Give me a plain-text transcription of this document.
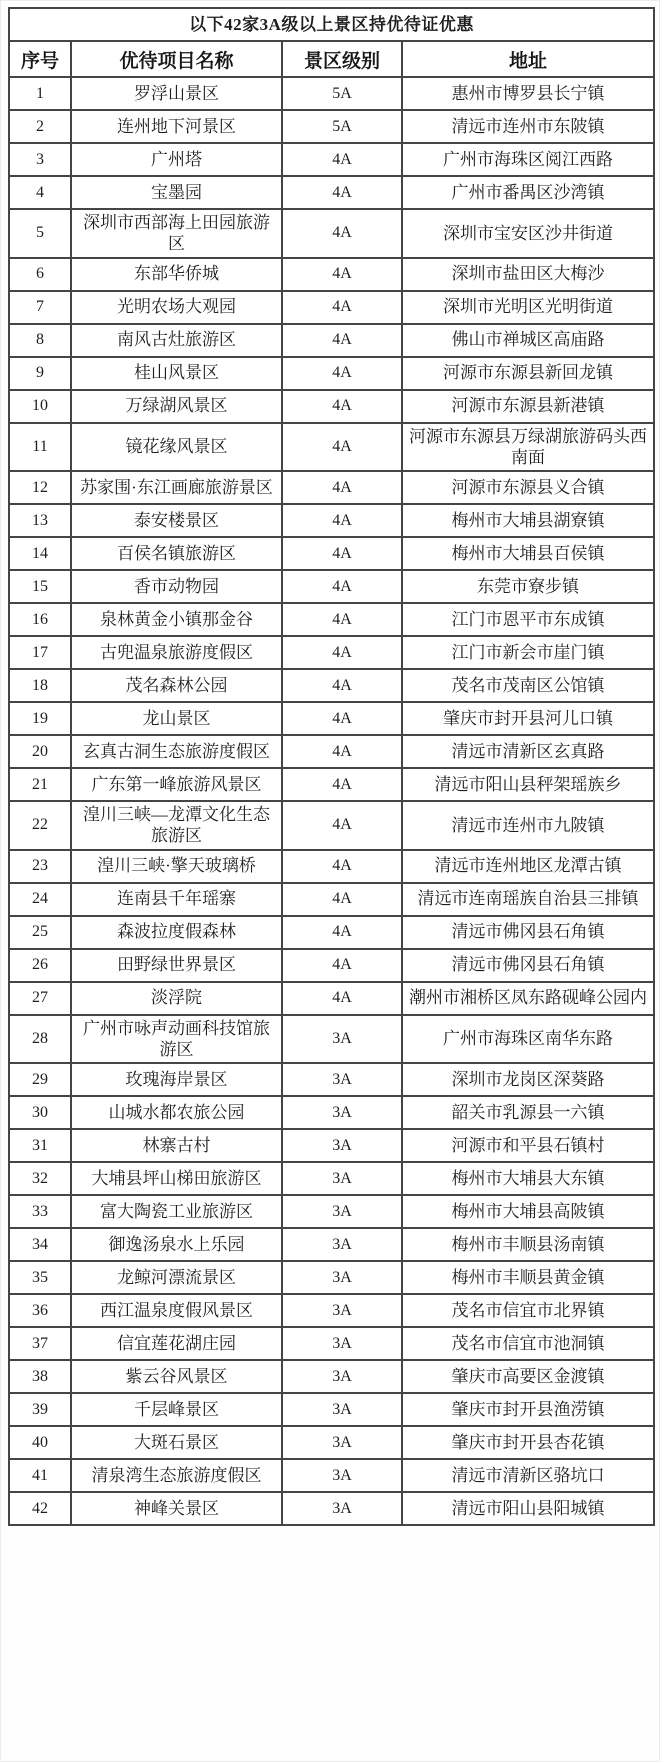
以下42家3A级以上景区持优待证优惠			
序号	优待项目名称	景区级别	地址
1	罗浮山景区	5A	惠州市博罗县长宁镇
2	连州地下河景区	5A	清远市连州市东陂镇
3	广州塔	4A	广州市海珠区阅江西路
4	宝墨园	4A	广州市番禺区沙湾镇
5	深圳市西部海上田园旅游区	4A	深圳市宝安区沙井街道
6	东部华侨城	4A	深圳市盐田区大梅沙
7	光明农场大观园	4A	深圳市光明区光明街道
8	南风古灶旅游区	4A	佛山市禅城区高庙路
9	桂山风景区	4A	河源市东源县新回龙镇
10	万绿湖风景区	4A	河源市东源县新港镇
11	镜花缘风景区	4A	河源市东源县万绿湖旅游码头西南面
12	苏家围·东江画廊旅游景区	4A	河源市东源县义合镇
13	泰安楼景区	4A	梅州市大埔县湖寮镇
14	百侯名镇旅游区	4A	梅州市大埔县百侯镇
15	香市动物园	4A	东莞市寮步镇
16	泉林黄金小镇那金谷	4A	江门市恩平市东成镇
17	古兜温泉旅游度假区	4A	江门市新会市崖门镇
18	茂名森林公园	4A	茂名市茂南区公馆镇
19	龙山景区	4A	肇庆市封开县河儿口镇
20	玄真古洞生态旅游度假区	4A	清远市清新区玄真路
21	广东第一峰旅游风景区	4A	清远市阳山县秤架瑶族乡
22	湟川三峡—龙潭文化生态旅游区	4A	清远市连州市九陂镇
23	湟川三峡·擎天玻璃桥	4A	清远市连州地区龙潭古镇
24	连南县千年瑶寨	4A	清远市连南瑶族自治县三排镇
25	森波拉度假森林	4A	清远市佛冈县石角镇
26	田野绿世界景区	4A	清远市佛冈县石角镇
27	淡浮院	4A	潮州市湘桥区凤东路砚峰公园内
28	广州市咏声动画科技馆旅游区	3A	广州市海珠区南华东路
29	玫瑰海岸景区	3A	深圳市龙岗区深葵路
30	山城水都农旅公园	3A	韶关市乳源县一六镇
31	林寨古村	3A	河源市和平县石镇村
32	大埔县坪山梯田旅游区	3A	梅州市大埔县大东镇
33	富大陶瓷工业旅游区	3A	梅州市大埔县高陂镇
34	御逸汤泉水上乐园	3A	梅州市丰顺县汤南镇
35	龙鲸河漂流景区	3A	梅州市丰顺县黄金镇
36	西江温泉度假风景区	3A	茂名市信宜市北界镇
37	信宜莲花湖庄园	3A	茂名市信宜市池洞镇
38	紫云谷风景区	3A	肇庆市高要区金渡镇
39	千层峰景区	3A	肇庆市封开县渔涝镇
40	大斑石景区	3A	肇庆市封开县杏花镇
41	清泉湾生态旅游度假区	3A	清远市清新区骆坑口
42	神峰关景区	3A	清远市阳山县阳城镇
